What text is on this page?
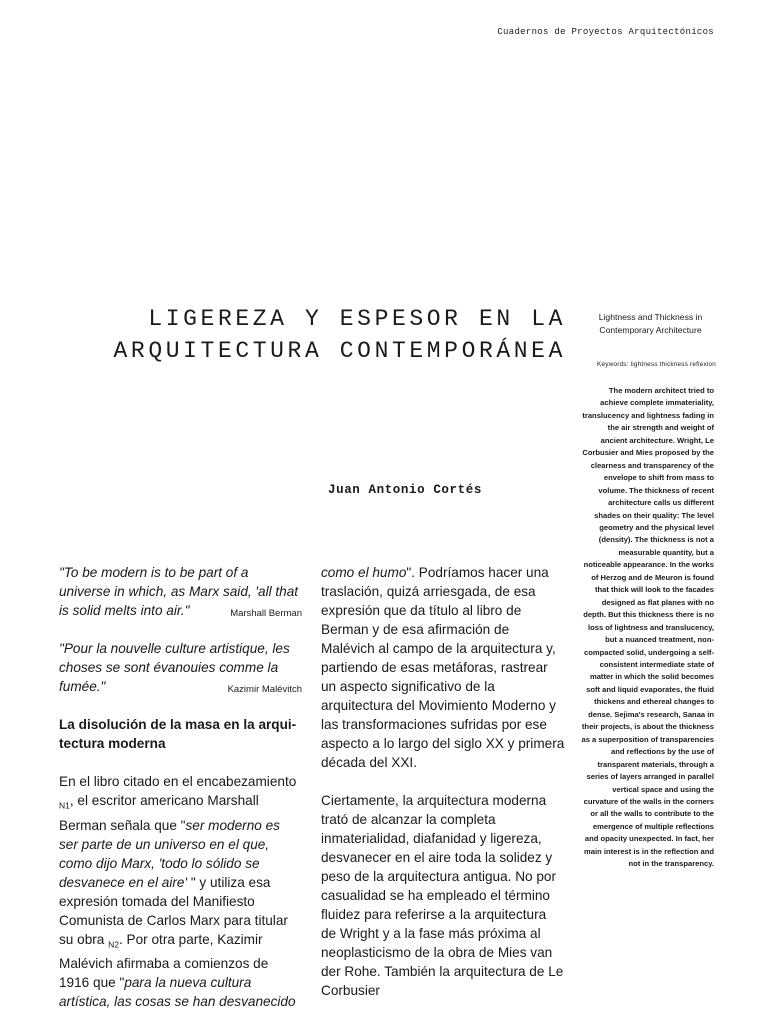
Cuadernos de Proyectos Arquitectónicos
LIGEREZA Y ESPESOR EN LA
ARQUITECTURA CONTEMPORÁNEA
Juan Antonio Cortés
Lightness and Thickness in
Contemporary Architecture
Keywords: lightness thickness reflexion

The modern architect tried to achieve complete immateriality, translucency and lightness fading in the air strength and weight of ancient architecture. Wright, Le Corbusier and Mies proposed by the clearness and transparency of the envelope to shift from mass to volume. The thickness of recent architecture calls us different shades on their quality: The level geometry and the physical level (density). The thickness is not a measurable quantity, but a noticeable appearance. In the works of Herzog and de Meuron is found that thick will look to the facades designed as flat planes with no depth. But this thickness there is no loss of lightness and translucency, but a nuanced treatment, non-compacted solid, undergoing a self-consistent intermediate state of matter in which the solid becomes soft and liquid evaporates, the fluid thickens and ethereal changes to dense. Sejima's research, Sanaa in their projects, is about the thickness as a superposition of transparencies and reflections by the use of transparent materials, through a series of layers arranged in parallel vertical space and using the curvature of the walls in the corners or all the walls to contribute to the emergence of multiple reflections and opacity unexpected. In fact, her main interest is in the reflection and not in the transparency.

"To be modern is to be part of a universe in which, as Marx said, 'all that is solid melts into air."	Marshall Berman

"Pour la nouvelle culture artistique, les choses se sont évanouies comme la fumée."	Kazimir Malévitch

La disolución de la masa en la arqui- tectura moderna

En el libro citado en el encabezamiento $_{N1}$, el escritor americano Marshall Berman señala que "ser moderno es ser parte de un universo en el que, como dijo Marx, 'todo lo sólido se desvanece en el aire' " y utiliza esa expresión tomada del Manifiesto Comunista de Carlos Marx para titular su obra $_{N2}$. Por otra parte, Kazimir Malévich afirmaba a comienzos de 1916 que "para la nueva cultura artística, las cosas se han desvanecido

como el humo". Podríamos hacer una traslación, quizá arriesgada, de esa expresión que da título al libro de Berman y de esa afirmación de Malévich al campo de la arquitectura y, partiendo de esas metáforas, rastrear un aspecto significativo de la arquitectura del Movimiento Moderno y las transformaciones sufridas por ese aspecto a lo largo del siglo XX y primera década del XXI.

Ciertamente, la arquitectura moderna trató de alcanzar la completa inmaterialidad, diafanidad y ligereza, desvanecer en el aire toda la solidez y peso de la arquitectura antigua. No por casualidad se ha empleado el término fluidez para referirse a la arquitectura de Wright y a la fase más próxima al neoplasticismo de la obra de Mies van der Rohe. También la arquitectura de Le Corbusier
